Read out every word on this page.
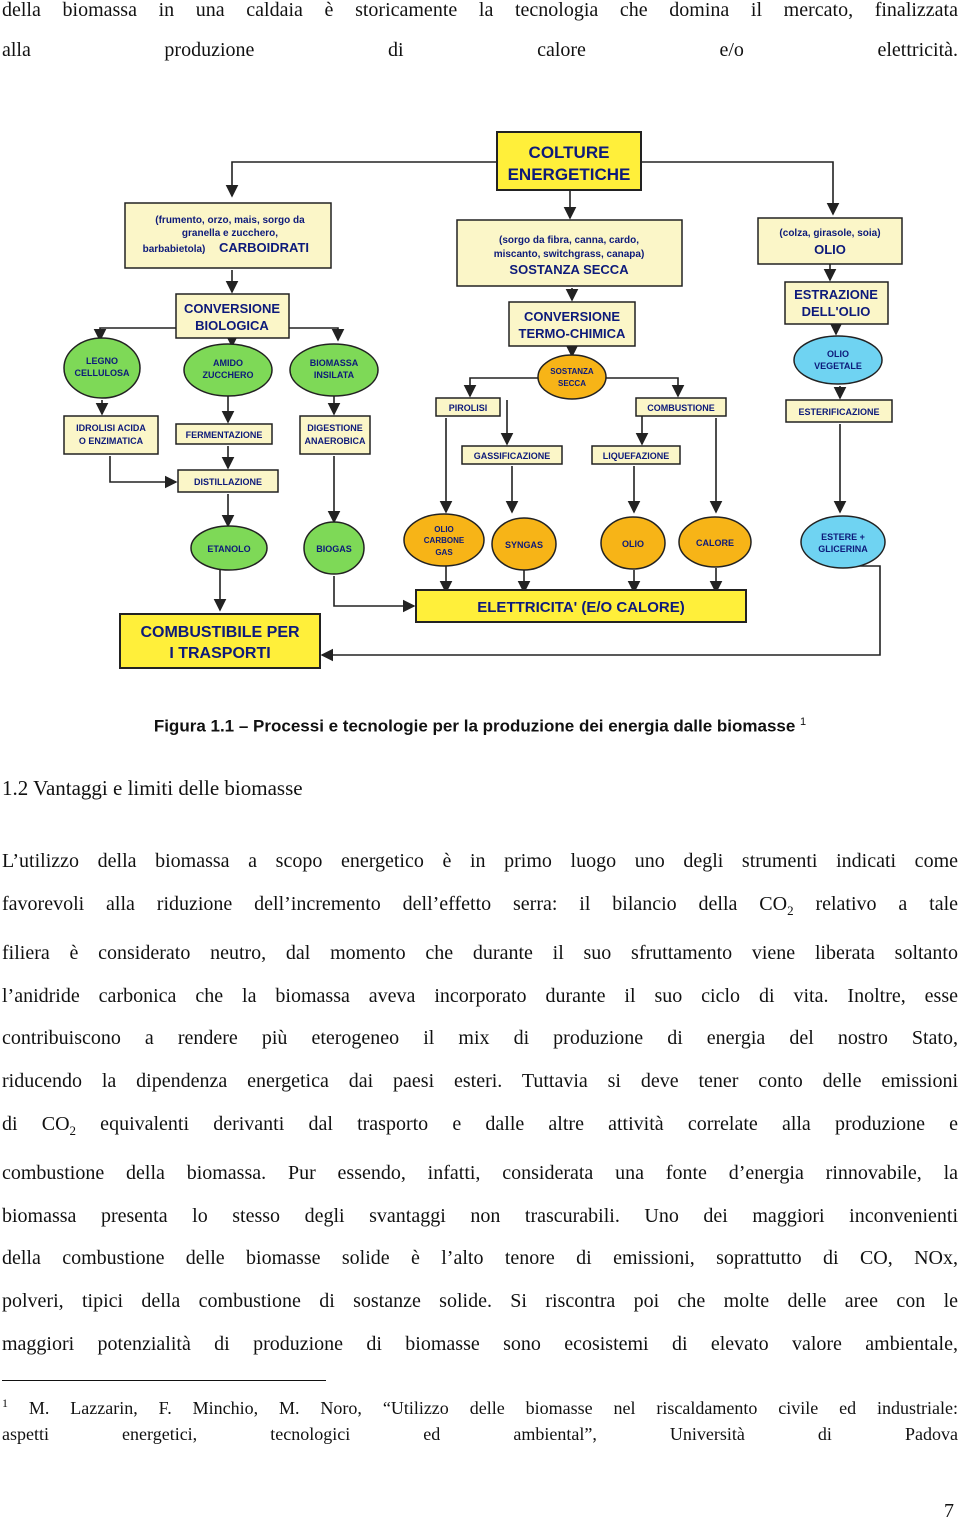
della biomassa in una caldaia è storicamente la tecnologia che domina il mercato, finalizzata
alla produzione di calore e/o elettricità.

COLTURE
ENERGETICHE
ELETTRICITA' (E/O CALORE)
COMBUSTIBILE PER
I TRASPORTI
(frumento, orzo, mais, sorgo da
granella e zucchero,
barbabietola) CARBOIDRATI	(sorgo da fibra, canna, cardo,
miscanto, switchgrass, canapa)
SOSTANZA SECCA
(colza, girasole, soia)
OLIO
CONVERSIONE
BIOLOGICA
CONVERSIONE
TERMO-CHIMICA
ESTRAZIONE
DELL'OLIO
IDROLISI ACIDA
O ENZIMATICA
FERMENTAZIONE
DIGESTIONE
ANAEROBICA
DISTILLAZIONE
PIROLISI	COMBUSTIONE
GASSIFICAZIONE	LIQUEFAZIONE
ESTERIFICAZIONE
LEGNO
CELLULOSA
AMIDO
ZUCCHERO
BIOMASSA
INSILATA
ETANOLO	BIOGAS
SOSTANZA
SECCA
OLIO
CARBONE
GAS
SYNGAS	OLIO	CALORE
OLIO
VEGETALE
ESTERE +
GLICERINA
Figura 1.1 – Processi e tecnologie per la produzione dei energia dalle biomasse $^1$
1.2 Vantaggi e limiti delle biomasse

L’utilizzo della biomassa a scopo energetico è in primo luogo uno degli strumenti indicati come
favorevoli alla riduzione dell’incremento dell’effetto serra: il bilancio della $CO_2$ relativo a tale
filiera è considerato neutro, dal momento che durante il suo sfruttamento viene liberata soltanto
l’anidride carbonica che la biomassa aveva incorporato durante il suo ciclo di vita. Inoltre, esse
contribuiscono a rendere più eterogeneo il mix di produzione di energia del nostro Stato,
riducendo la dipendenza energetica dai paesi esteri. Tuttavia si deve tener conto delle emissioni
di $CO_2$ equivalenti derivanti dal trasporto e dalle altre attività correlate alla produzione e
combustione della biomassa. Pur essendo, infatti, considerata una fonte d’energia rinnovabile, la
biomassa presenta lo stesso degli svantaggi non trascurabili. Uno dei maggiori inconvenienti
della combustione delle biomasse solide è l’alto tenore di emissioni, soprattutto di CO, NOx,
polveri, tipici della combustione di sostanze solide. Si riscontra poi che molte delle aree con le
maggiori potenzialità di produzione di biomasse sono ecosistemi di elevato valore ambientale,

$^1$ M. Lazzarin, F. Minchio, M. Noro, “Utilizzo delle biomasse nel riscaldamento civile ed industriale:
aspetti energetici, tecnologici ed ambiental”, Università di Padova
7
